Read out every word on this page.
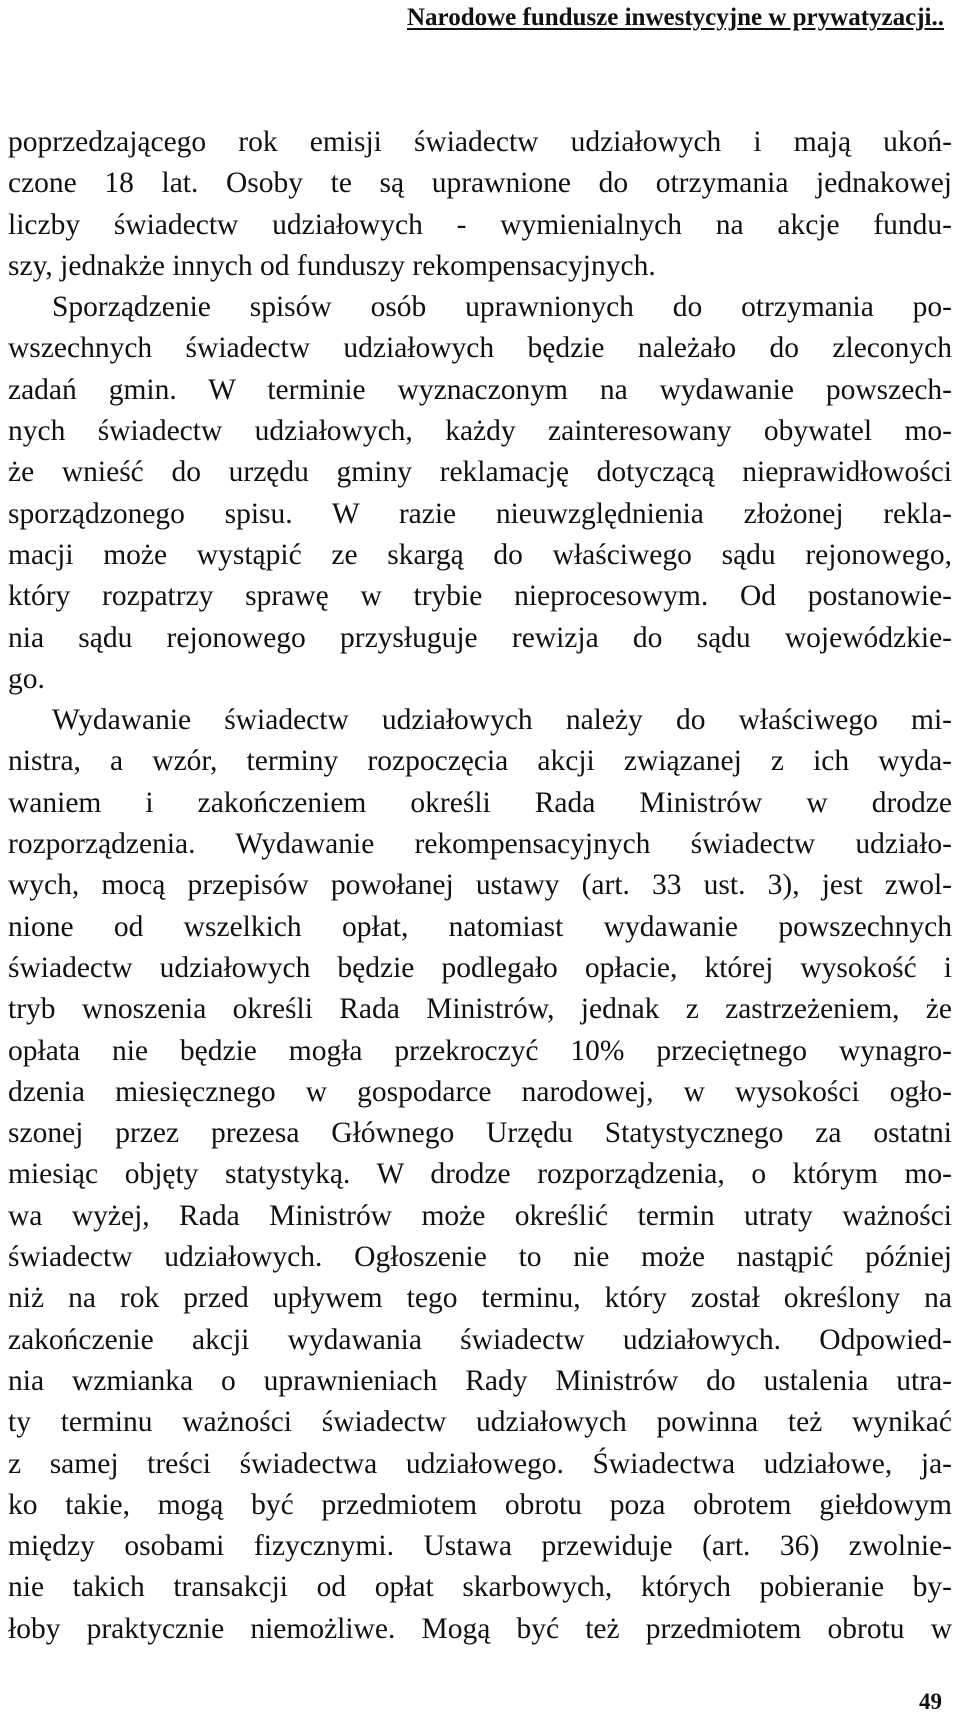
Narodowe fundusze inwestycyjne w prywatyzacji..
poprzedzającego rok emisji świadectw udziałowych i mają ukoń-
czone 18 lat. Osoby te są uprawnione do otrzymania jednakowej
liczby świadectw udziałowych - wymienialnych na akcje fundu-
szy, jednakże innych od funduszy rekompensacyjnych.
Sporządzenie spisów osób uprawnionych do otrzymania po-
wszechnych świadectw udziałowych będzie należało do zleconych
zadań gmin. W terminie wyznaczonym na wydawanie powszech-
nych świadectw udziałowych, każdy zainteresowany obywatel mo-
że wnieść do urzędu gminy reklamację dotyczącą nieprawidłowości
sporządzonego spisu. W razie nieuwzględnienia złożonej rekla-
macji może wystąpić ze skargą do właściwego sądu rejonowego,
który rozpatrzy sprawę w trybie nieprocesowym. Od postanowie-
nia sądu rejonowego przysługuje rewizja do sądu wojewódzkie-
go.
Wydawanie świadectw udziałowych należy do właściwego mi-
nistra, a wzór, terminy rozpoczęcia akcji związanej z ich wyda-
waniem i zakończeniem określi Rada Ministrów w drodze
rozporządzenia. Wydawanie rekompensacyjnych świadectw udziało-
wych, mocą przepisów powołanej ustawy (art. 33 ust. 3), jest zwol-
nione od wszelkich opłat, natomiast wydawanie powszechnych
świadectw udziałowych będzie podlegało opłacie, której wysokość i
tryb wnoszenia określi Rada Ministrów, jednak z zastrzeżeniem, że
opłata nie będzie mogła przekroczyć 10% przeciętnego wynagro-
dzenia miesięcznego w gospodarce narodowej, w wysokości ogło-
szonej przez prezesa Głównego Urzędu Statystycznego za ostatni
miesiąc objęty statystyką. W drodze rozporządzenia, o którym mo-
wa wyżej, Rada Ministrów może określić termin utraty ważności
świadectw udziałowych. Ogłoszenie to nie może nastąpić później
niż na rok przed upływem tego terminu, który został określony na
zakończenie akcji wydawania świadectw udziałowych. Odpowied-
nia wzmianka o uprawnieniach Rady Ministrów do ustalenia utra-
ty terminu ważności świadectw udziałowych powinna też wynikać
z samej treści świadectwa udziałowego. Świadectwa udziałowe, ja-
ko takie, mogą być przedmiotem obrotu poza obrotem giełdowym
między osobami fizycznymi. Ustawa przewiduje (art. 36) zwolnie-
nie takich transakcji od opłat skarbowych, których pobieranie by-
łoby praktycznie niemożliwe. Mogą być też przedmiotem obrotu w
49
